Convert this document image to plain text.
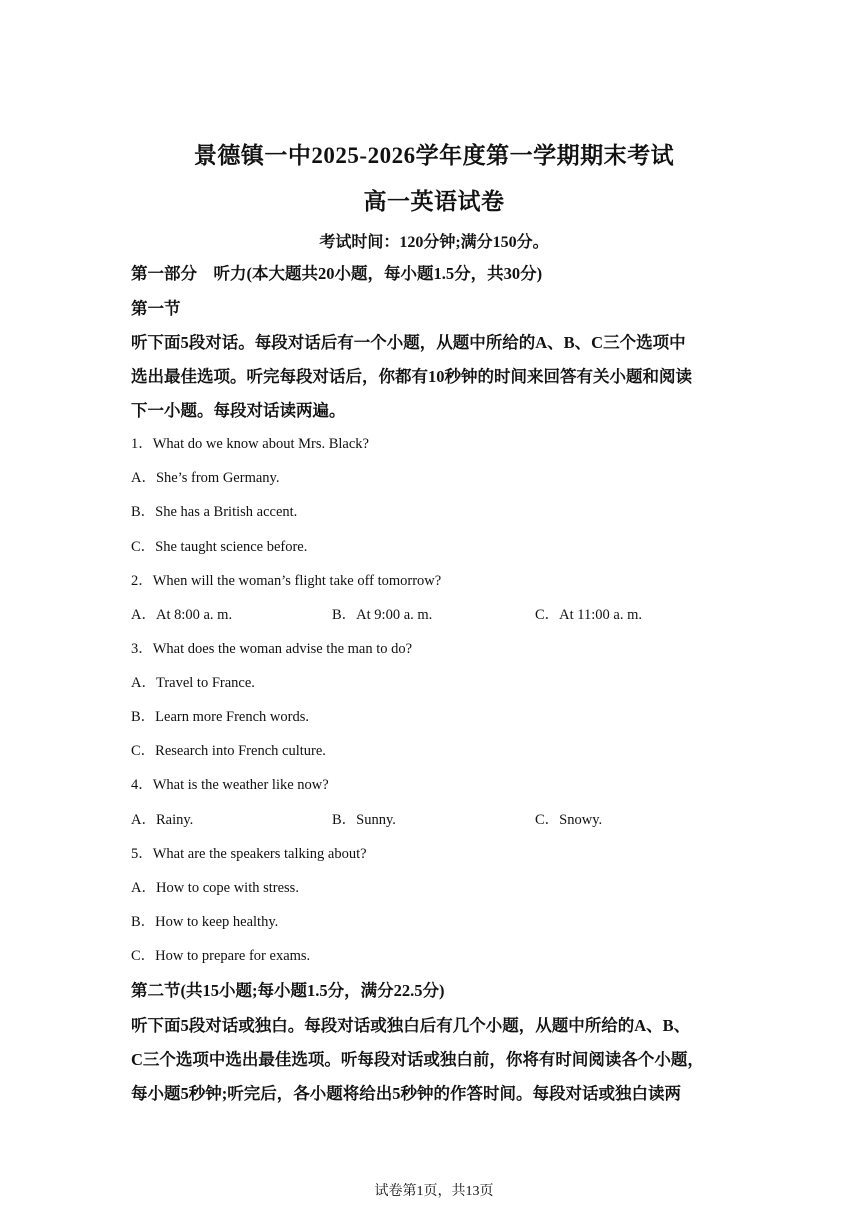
景德镇一中2025-2026学年度第一学期期末考试
高一英语试卷
考试时间：120分钟;满分150分。
第一部分　听力(本大题共20小题，每小题1.5分，共30分)
第一节
听下面5段对话。每段对话后有一个小题，从题中所给的A、B、C三个选项中
选出最佳选项。听完每段对话后，你都有10秒钟的时间来回答有关小题和阅读
下一小题。每段对话读两遍。
1．What do we know about Mrs. Black?
A．She’s from Germany.
B．She has a British accent.
C．She taught science before.
2．When will the woman’s flight take off tomorrow?
A．At 8:00 a. m.	B．At 9:00 a. m.	C．At 11:00 a. m.
3．What does the woman advise the man to do?
A．Travel to France.
B．Learn more French words.
C．Research into French culture.
4．What is the weather like now?
A．Rainy.	B．Sunny.	C．Snowy.
5．What are the speakers talking about?
A．How to cope with stress.
B．How to keep healthy.
C．How to prepare for exams.
第二节(共15小题;每小题1.5分，满分22.5分)
听下面5段对话或独白。每段对话或独白后有几个小题，从题中所给的A、B、
C三个选项中选出最佳选项。听每段对话或独白前，你将有时间阅读各个小题，
每小题5秒钟;听完后，各小题将给出5秒钟的作答时间。每段对话或独白读两
试卷第1页，共13页
